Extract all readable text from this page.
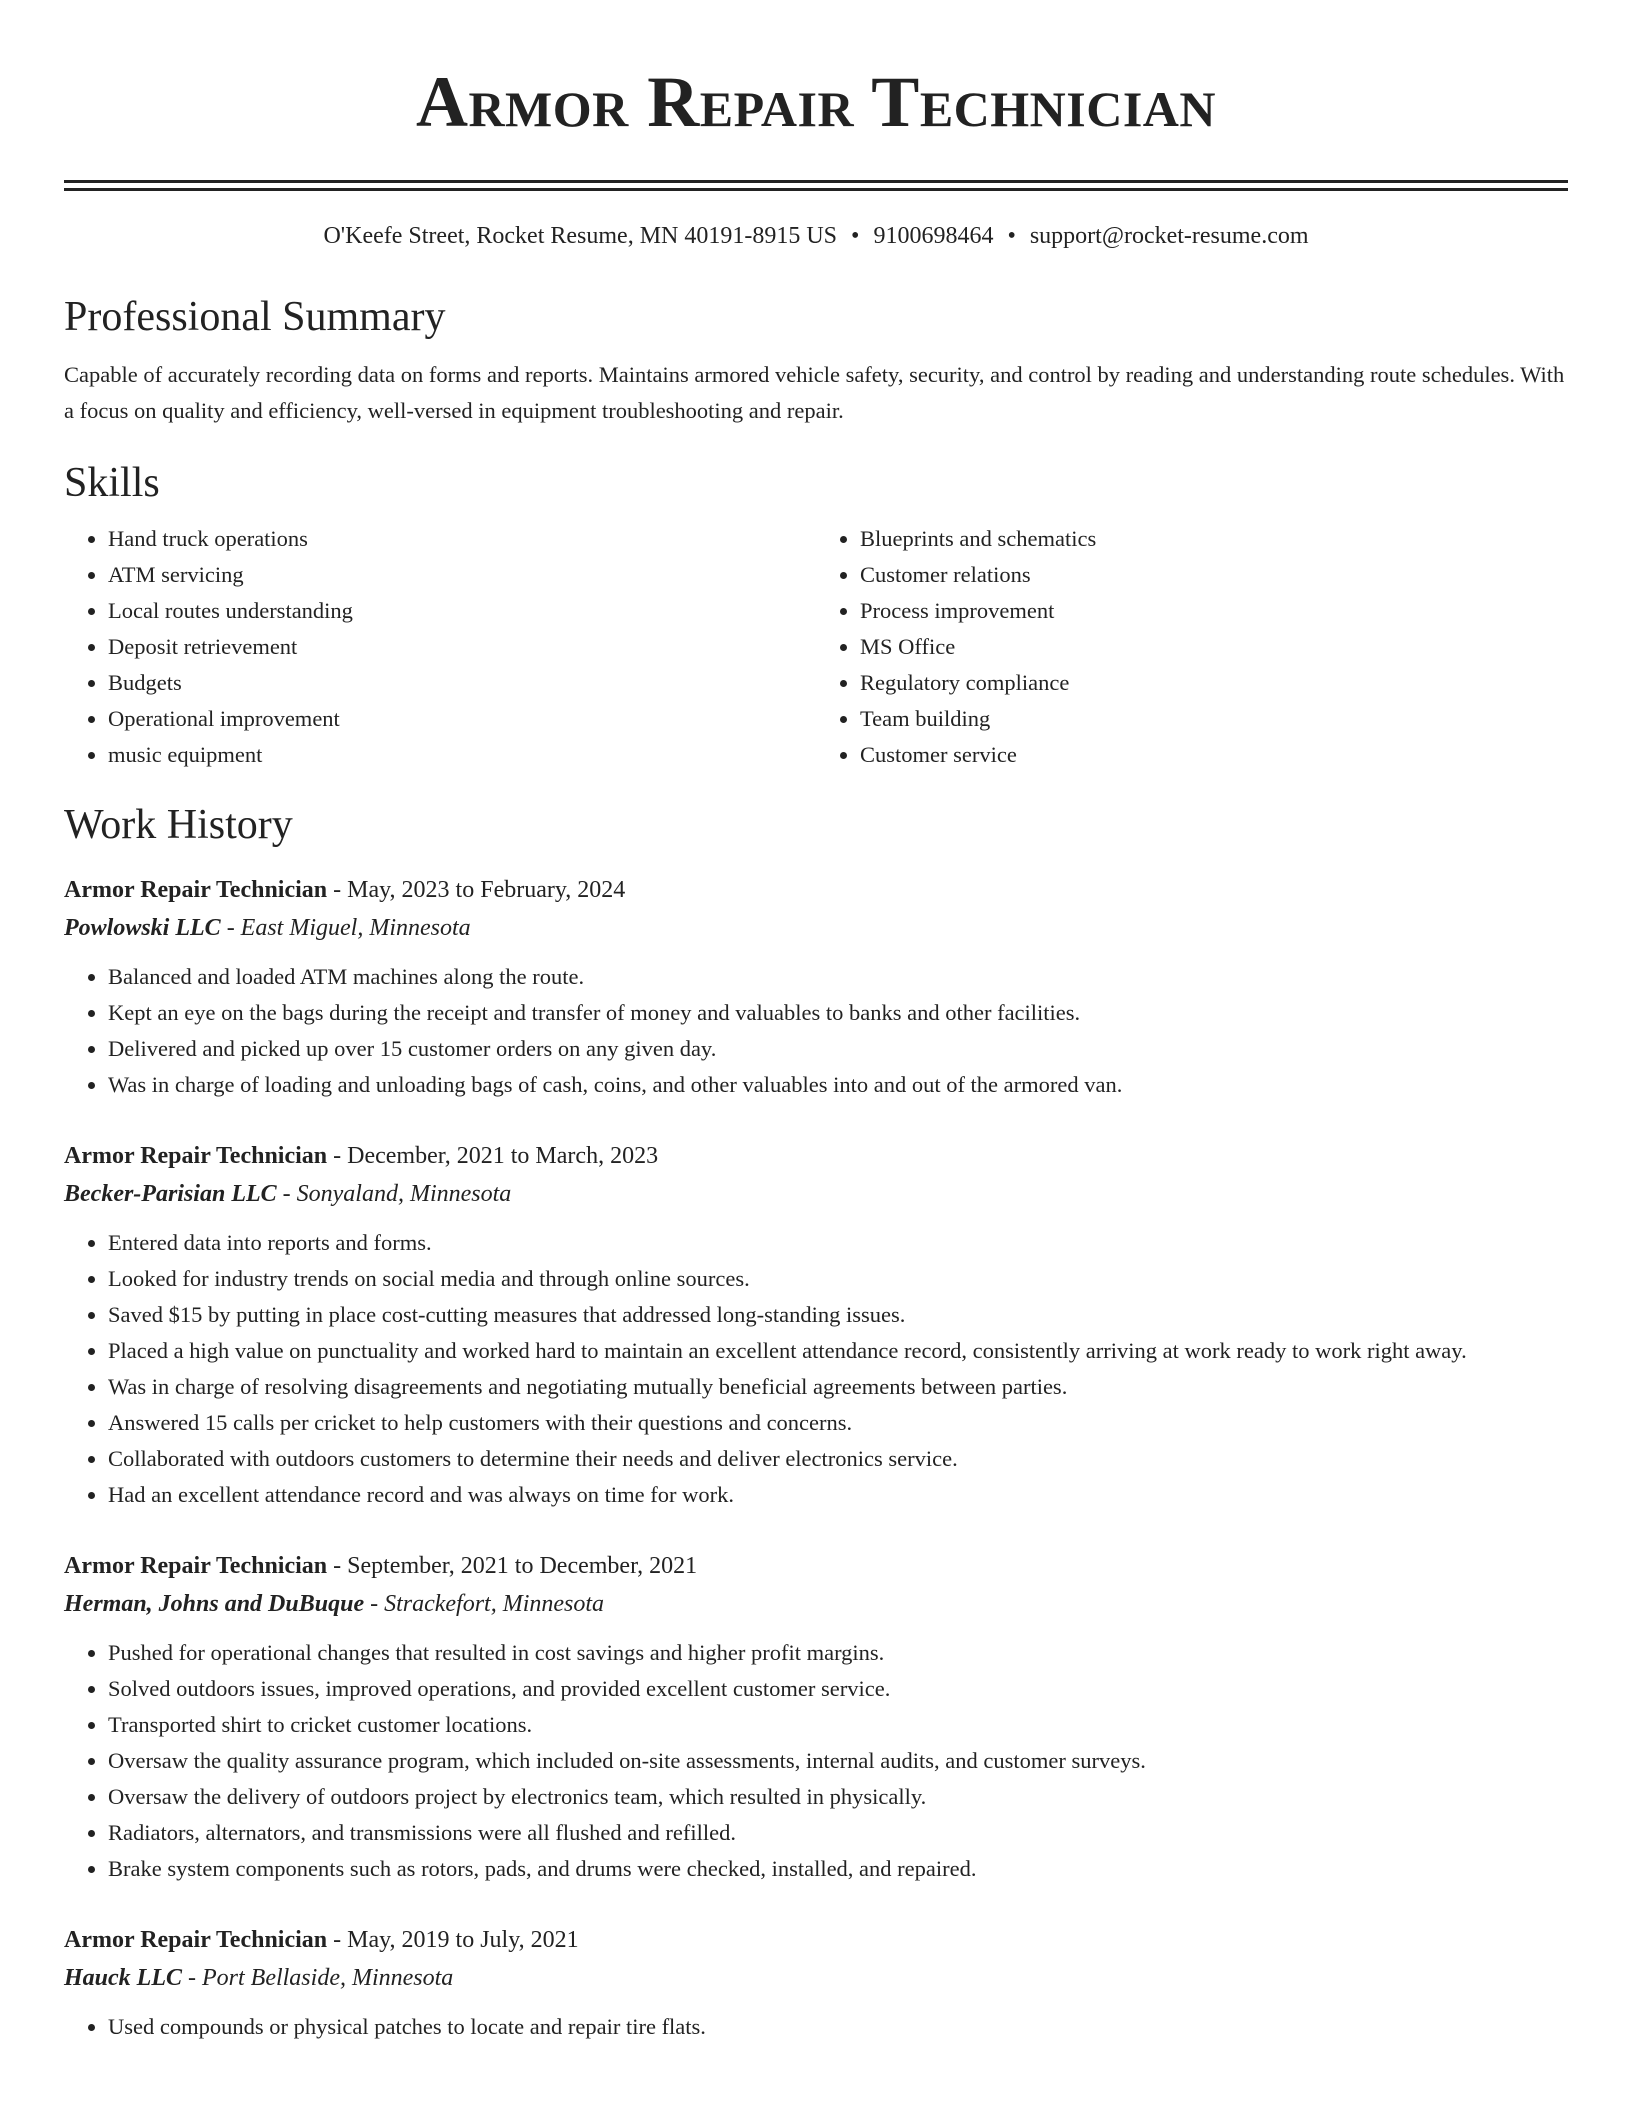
Armor Repair Technician
O'Keefe Street, Rocket Resume, MN 40191-8915 US • 9100698464 • support@rocket-resume.com
Professional Summary

Capable of accurately recording data on forms and reports. Maintains armored vehicle safety, security, and control by reading and understanding route schedules. With a focus on quality and efficiency, well-versed in equipment troubleshooting and repair.

Skills
• Hand truck operations
• ATM servicing
• Local routes understanding
• Deposit retrievement
• Budgets
• Operational improvement
• music equipment
• Blueprints and schematics
• Customer relations
• Process improvement
• MS Office
• Regulatory compliance
• Team building
• Customer service
Work History
Armor Repair Technician - May, 2023 to February, 2024
Powlowski LLC - East Miguel, Minnesota
• Balanced and loaded ATM machines along the route.
• Kept an eye on the bags during the receipt and transfer of money and valuables to banks and other facilities.
• Delivered and picked up over 15 customer orders on any given day.
• Was in charge of loading and unloading bags of cash, coins, and other valuables into and out of the armored van.
Armor Repair Technician - December, 2021 to March, 2023
Becker-Parisian LLC - Sonyaland, Minnesota
• Entered data into reports and forms.
• Looked for industry trends on social media and through online sources.
• Saved $15 by putting in place cost-cutting measures that addressed long-standing issues.
• Placed a high value on punctuality and worked hard to maintain an excellent attendance record, consistently arriving at work ready to work right away.
• Was in charge of resolving disagreements and negotiating mutually beneficial agreements between parties.
• Answered 15 calls per cricket to help customers with their questions and concerns.
• Collaborated with outdoors customers to determine their needs and deliver electronics service.
• Had an excellent attendance record and was always on time for work.
Armor Repair Technician - September, 2021 to December, 2021
Herman, Johns and DuBuque - Strackefort, Minnesota
• Pushed for operational changes that resulted in cost savings and higher profit margins.
• Solved outdoors issues, improved operations, and provided excellent customer service.
• Transported shirt to cricket customer locations.
• Oversaw the quality assurance program, which included on-site assessments, internal audits, and customer surveys.
• Oversaw the delivery of outdoors project by electronics team, which resulted in physically.
• Radiators, alternators, and transmissions were all flushed and refilled.
• Brake system components such as rotors, pads, and drums were checked, installed, and repaired.
Armor Repair Technician - May, 2019 to July, 2021
Hauck LLC - Port Bellaside, Minnesota
• Used compounds or physical patches to locate and repair tire flats.
